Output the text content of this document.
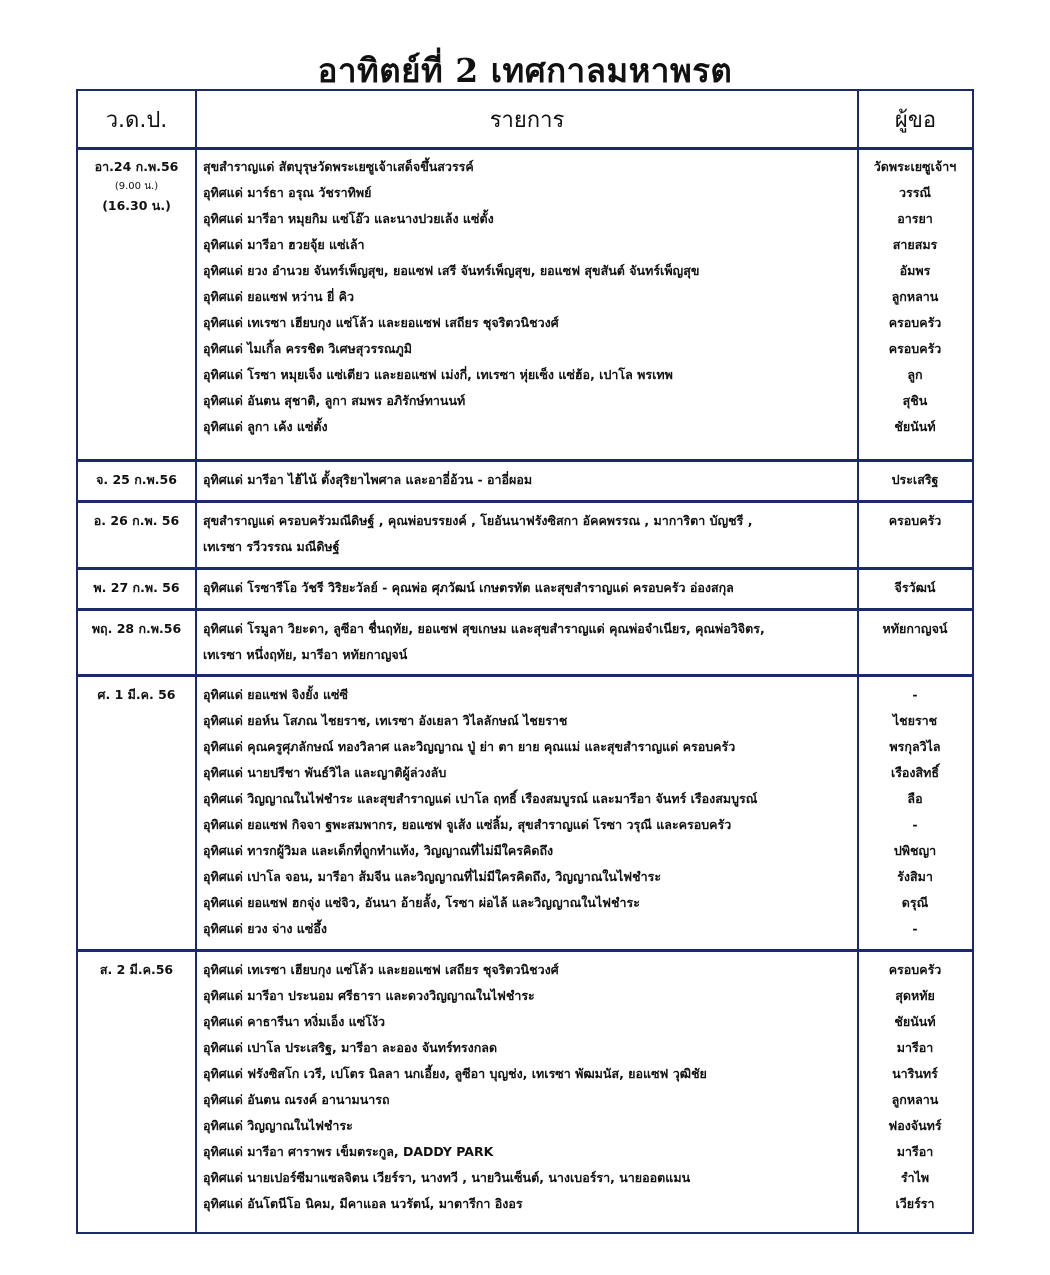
อาทิตย์ที่ 2 เทศกาลมหาพรต
ว.ด.ป.	รายการ	ผู้ขอ
อา.24 ก.พ.56
(9.00 น.)
(16.30 น.)
สุขสำราญแด่ สัตบุรุษวัดพระเยซูเจ้าเสด็จขึ้นสวรรค์	วัดพระเยซูเจ้าฯ
อุทิศแด่ มาร์ธา อรุณ วัชราทิพย์	วรรณี
อุทิศแด่ มารีอา หมุยกิม แซ่โอ๊ว และนางปวยเล้ง แซ่ตั้ง	อารยา
อุทิศแด่ มารีอา ฮวยจุ้ย แซ่เล้า	สายสมร
อุทิศแด่ ยวง อำนวย จันทร์เพ็ญสุข, ยอแซฟ เสรี จันทร์เพ็ญสุข, ยอแซฟ สุขสันต์ จันทร์เพ็ญสุข	อัมพร
อุทิศแด่ ยอแซฟ หว่าน ยี่ คิว	ลูกหลาน
อุทิศแด่ เทเรซา เฮียบกุง แซ่โล้ว และยอแซฟ เสถียร ชุจริตวนิชวงศ์	ครอบครัว
อุทิศแด่ ไมเกิ้ล ครรชิต วิเศษสุวรรณภูมิ	ครอบครัว
อุทิศแด่ โรซา หมุยเจ็ง แซ่เตียว และยอแซฟ เม่งกี่, เทเรซา หุ่ยเซ็ง แซ่ฮ้อ, เปาโล พรเทพ	ลูก
อุทิศแด่ อันตน สุชาติ, ลูกา สมพร อภิรักษ์ทานนท์	สุชิน
อุทิศแด่ ลูกา เค้ง แซ่ตั้ง	ชัยนันท์
จ. 25 ก.พ.56	อุทิศแด่ มารีอา ไฮ้ไน้ ตั้งสุริยาไพศาล และอาอี่อ้วน - อาอี่ผอม	ประเสริฐ
อ. 26 ก.พ. 56	สุขสำราญแด่ ครอบครัวมณีดิษฐ์ , คุณพ่อบรรยงค์ , โยอันนาฟรังซิสกา อัคคพรรณ , มาการิตา บัญชรี ,	ครอบครัว
เทเรซา รวีวรรณ มณีดิษฐ์
พ. 27 ก.พ. 56	อุทิศแด่ โรซารีโอ วัชรี วิริยะวัลย์ - คุณพ่อ ศุภวัฒน์ เกษตรทัต และสุขสำราญแด่ ครอบครัว อ่องสกุล	จีรวัฒน์
พฤ. 28 ก.พ.56	อุทิศแด่ โรมูลา วิยะดา, ลูซีอา ชื่นฤทัย, ยอแซฟ สุขเกษม และสุขสำราญแด่ คุณพ่อจำเนียร, คุณพ่อวิจิตร,	หทัยกาญจน์
เทเรซา หนึ่งฤทัย, มารีอา หทัยกาญจน์
ศ. 1 มี.ค. 56	อุทิศแด่ ยอแซฟ จิงยั้ง แซ่ซี	-
อุทิศแด่ ยอห์น โสภณ ไชยราช, เทเรซา อังเยลา วิไลลักษณ์ ไชยราช	ไชยราช
อุทิศแด่ คุณครูศุภลักษณ์ ทองวิลาศ และวิญญาณ ปู่ ย่า ตา ยาย คุณแม่ และสุขสำราญแด่ ครอบครัว	พรกุลวิไล
อุทิศแด่ นายปรีชา พันธ์วิไล และญาติผู้ล่วงลับ	เรืองสิทธิ์
อุทิศแด่ วิญญาณในไฟชำระ และสุขสำราญแด่ เปาโล ฤทธิ์ เรืองสมบูรณ์ และมารีอา จันทร์ เรืองสมบูรณ์	ลือ
อุทิศแด่ ยอแซฟ กิจจา ฐพะสมพากร, ยอแซฟ จูเส้ง แซ่ลิ้ม, สุขสำราญแด่ โรซา วรุณี และครอบครัว	-
อุทิศแด่ ทารกผู้วิมล และเด็กที่ถูกทำแท้ง, วิญญาณที่ไม่มีใครคิดถึง	ปพิชญา
อุทิศแด่ เปาโล จอน, มารีอา ส้มจีน และวิญญาณที่ไม่มีใครคิดถึง, วิญญาณในไฟชำระ	รังสิมา
อุทิศแด่ ยอแซฟ ฮกจุ่ง แซ่จิว, อันนา อ้ายลั้ง, โรซา ผ่อไล้ และวิญญาณในไฟชำระ	ดรุณี
อุทิศแด่ ยวง จ่าง แซ่อึ้ง	-
ส. 2 มี.ค.56	อุทิศแด่ เทเรซา เฮียบกุง แซ่โล้ว และยอแซฟ เสถียร ชุจริตวนิชวงศ์	ครอบครัว
อุทิศแด่ มารีอา ประนอม ศรีธารา และดวงวิญญาณในไฟชำระ	สุดหทัย
อุทิศแด่ คาธารีนา หงิ่มเอ็ง แซ่โง้ว	ชัยนันท์
อุทิศแด่ เปาโล ประเสริฐ, มารีอา ละออง จันทร์ทรงกลด	มารีอา
อุทิศแด่ ฟรังซิสโก เวรี, เปโตร นิลลา นกเอี้ยง, ลูซีอา บุญช่ง, เทเรซา พัฒมนัส, ยอแซฟ วุฒิชัย	นารินทร์
อุทิศแด่ อันตน ณรงค์ อานามนารถ	ลูกหลาน
อุทิศแด่ วิญญาณในไฟชำระ	ฟองจันทร์
อุทิศแด่ มารีอา ศาราพร เข็มตระกูล, DADDY PARK	มารีอา
อุทิศแด่ นายเปอร์ซีมาแซลจิตน เวียร์รา, นางทวี , นายวินเซ็นต์, นางเบอร์รา, นายออตแมน	รำไพ
อุทิศแด่ อันโตนีโอ นิคม, มีคาแอล นวรัตน์, มาตารีกา อิงอร	เวียร์รา
